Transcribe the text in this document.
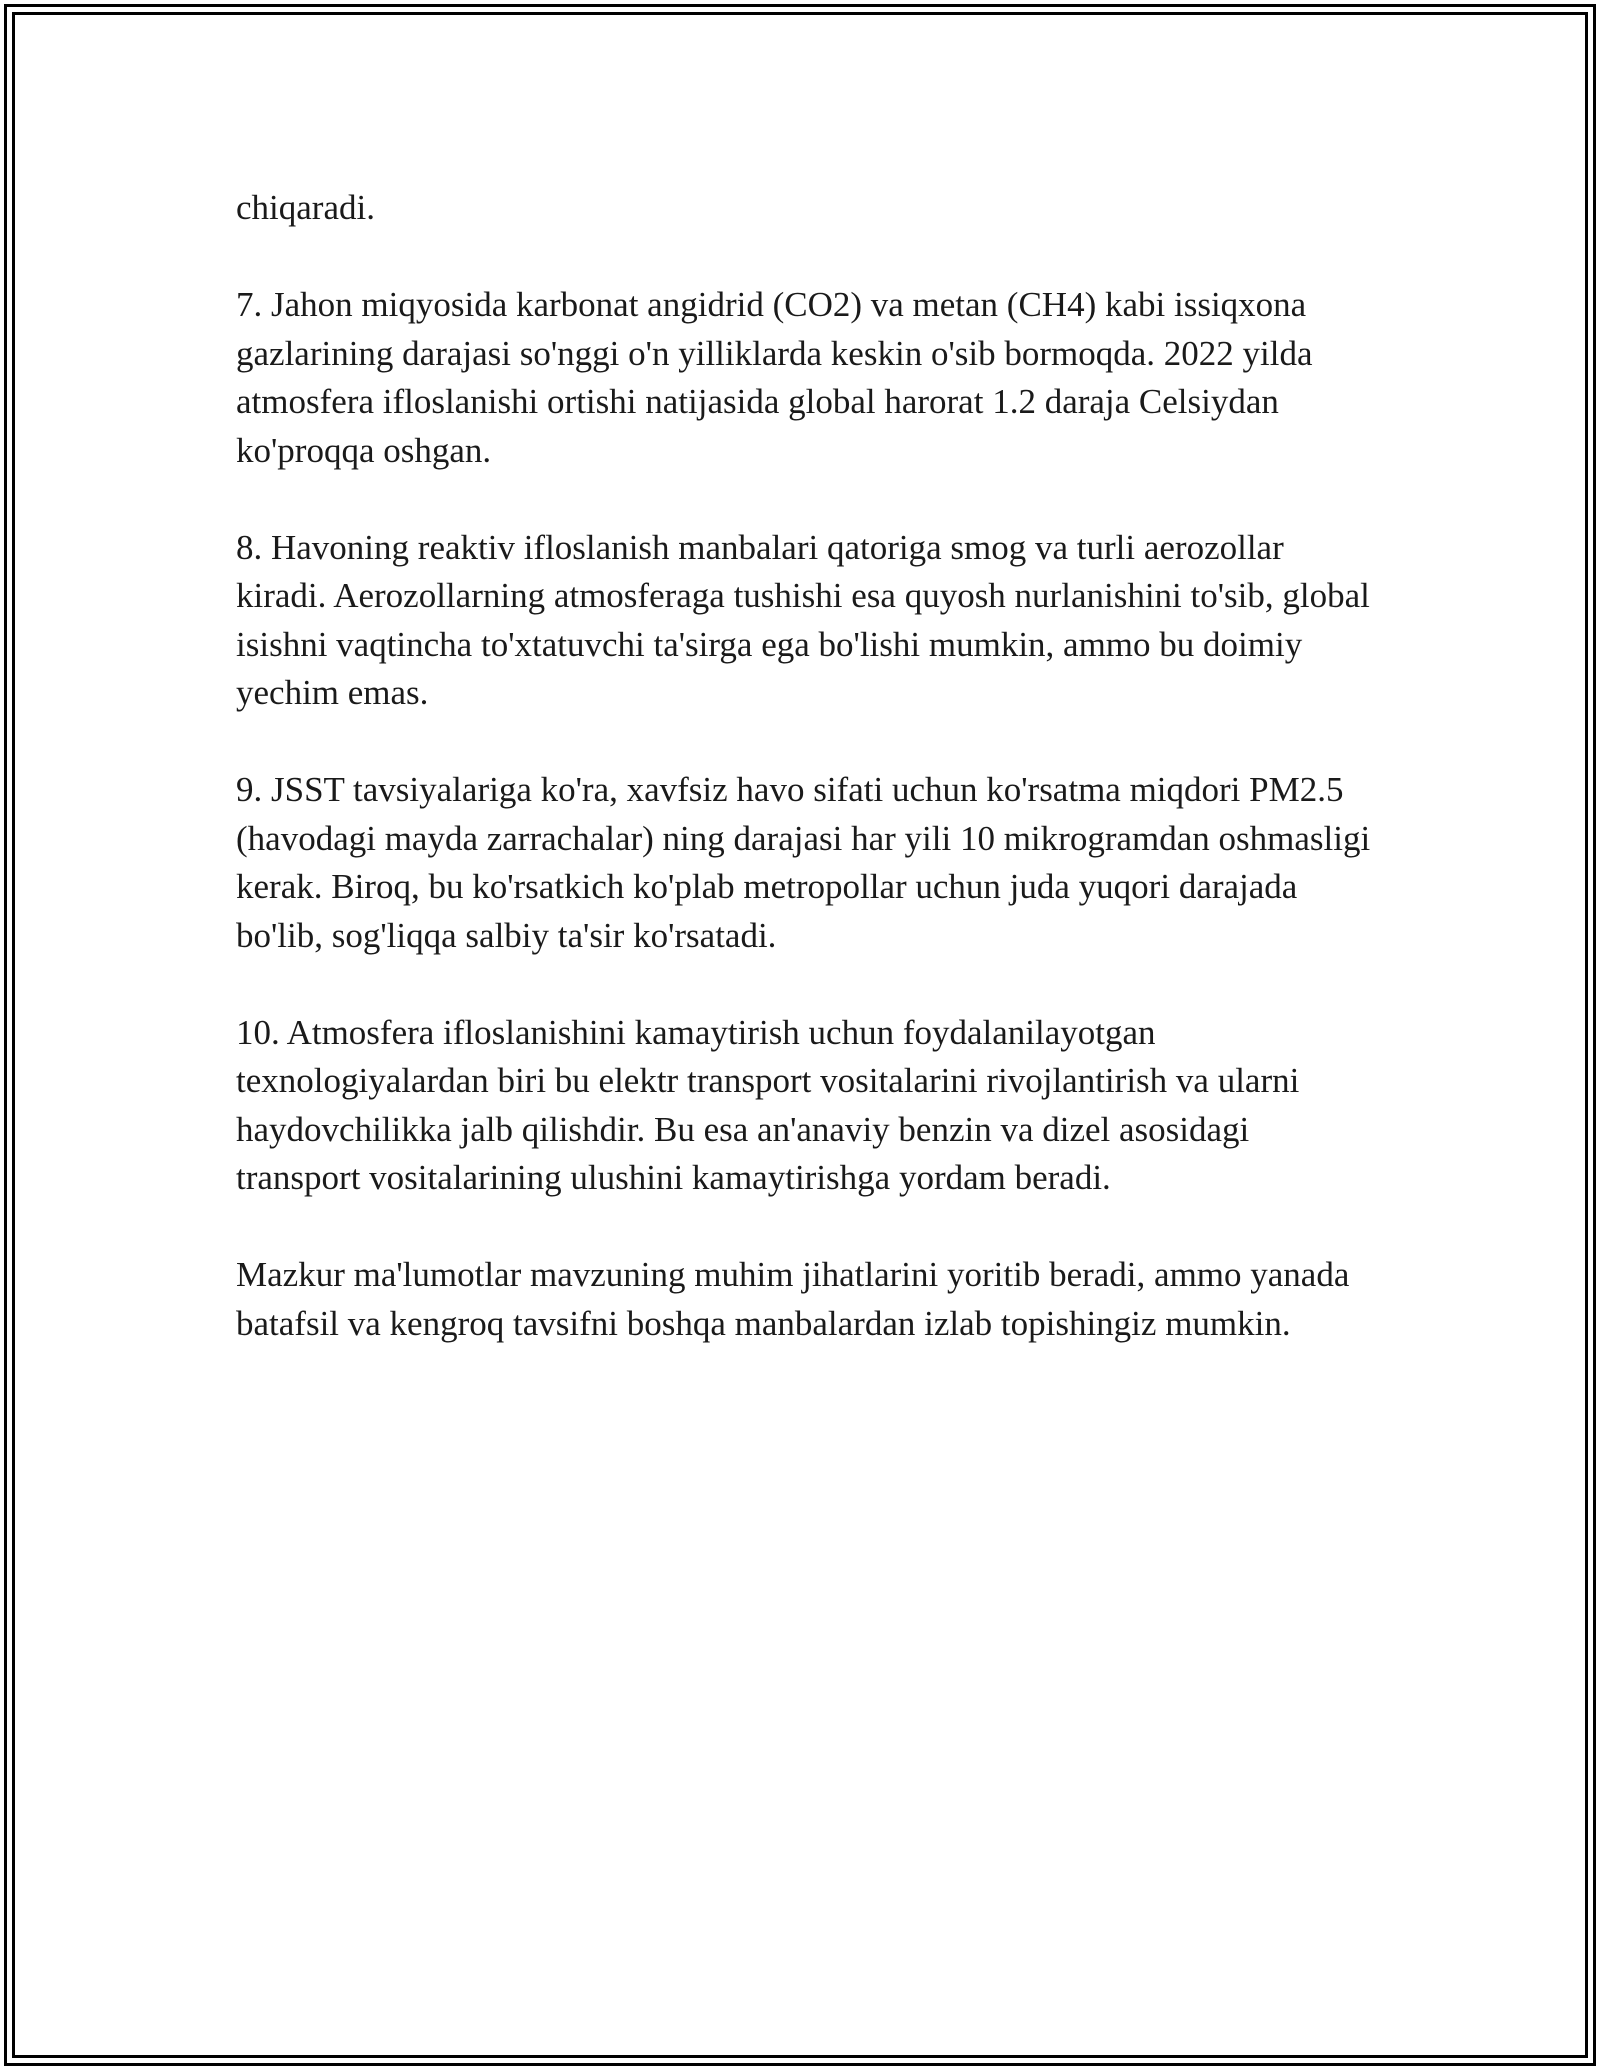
chiqaradi.

7. Jahon miqyosida karbonat angidrid (CO2) va metan (CH4) kabi issiqxona gazlarining darajasi so'nggi o'n yilliklarda keskin o'sib bormoqda. 2022 yilda atmosfera ifloslanishi ortishi natijasida global harorat 1.2 daraja Celsiydan ko'proqqa oshgan.

8. Havoning reaktiv ifloslanish manbalari qatoriga smog va turli aerozollar kiradi. Aerozollarning atmosferaga tushishi esa quyosh nurlanishini to'sib, global isishni vaqtincha to'xtatuvchi ta'sirga ega bo'lishi mumkin, ammo bu doimiy yechim emas.

9. JSST tavsiyalariga ko'ra, xavfsiz havo sifati uchun ko'rsatma miqdori PM2.5 (havodagi mayda zarrachalar) ning darajasi har yili 10 mikrogramdan oshmasligi kerak. Biroq, bu ko'rsatkich ko'plab metropollar uchun juda yuqori darajada bo'lib, sog'liqqa salbiy ta'sir ko'rsatadi.

10. Atmosfera ifloslanishini kamaytirish uchun foydalanilayotgan texnologiyalardan biri bu elektr transport vositalarini rivojlantirish va ularni haydovchilikka jalb qilishdir. Bu esa an'anaviy benzin va dizel asosidagi transport vositalarining ulushini kamaytirishga yordam beradi.

Mazkur ma'lumotlar mavzuning muhim jihatlarini yoritib beradi, ammo yanada batafsil va kengroq tavsifni boshqa manbalardan izlab topishingiz mumkin.
